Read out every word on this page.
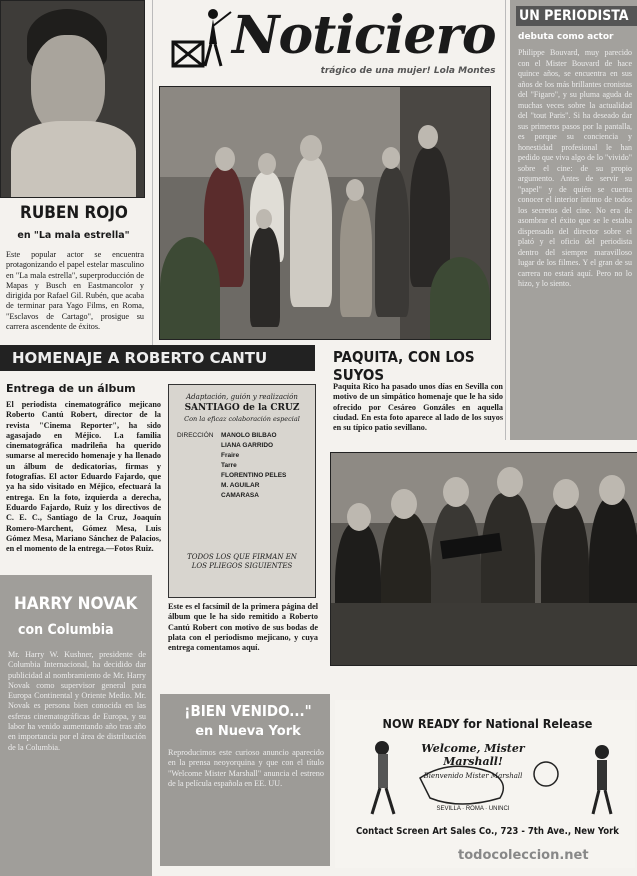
RUBEN ROJO
en "La mala estrella"
Este popular actor se encuentra protagonizando el papel estelar masculino en "La mala estrella", superproducción de Mapas y Busch en Eastmancolor y dirigida por Rafael Gil. Rubén, que acaba de terminar para Yago Films, en Roma, "Esclavos de Cartago", prosigue su carrera ascendente de éxitos.
Noticiero
trágico de una mujer! Lola Montes
UN PERIODISTA
debuta como actor
Philippe Bouvard, muy parecido con el Mister Bouvard de hace quince años, se encuentra en sus años de los más brillantes cronistas del "Figaro", y su pluma aguda de muchas veces sobre la actualidad del "tout Paris". Si ha deseado dar sus primeros pasos por la pantalla, es porque su conciencia y honestidad profesional le han pedido que viva algo de lo "vivido" sobre el cine: de su propio argumento. Antes de servir su "papel" y de quién se cuenta conocer el interior íntimo de todos los secretos del cine. No era de asombrar el éxito que se le estaba dispensado del director sobre el plató y el oficio del periodista dentro del siempre maravilloso lugar de los filmes. Y el gran de su carrera no estará aquí. Pero no lo hizo, y lo siento.
HOMENAJE A ROBERTO CANTU	PAQUITA, CON LOS SUYOS
Paquita Rico ha pasado unos días en Sevilla con motivo de un simpático homenaje que le ha sido ofrecido por Cesáreo Gonzáles en aquella ciudad. En esta foto aparece al lado de los suyos en su típico patio sevillano.
Entrega de un álbum
El periodista cinematográfico mejicano Roberto Cantú Robert, director de la revista "Cinema Reporter", ha sido agasajado en Méjico. La familia cinematográfica madrileña ha querido sumarse al merecido homenaje y ha llenado un álbum de dedicatorias, firmas y fotografías. El actor Eduardo Fajardo, que ya ha sido visitado en Méjico, efectuará la entrega. En la foto, izquierda a derecha, Eduardo Fajardo, Ruiz y los directivos de C. E. C., Santiago de la Cruz, Joaquín Romero-Marchent, Gómez Mesa, Luis Gómez Mesa, Mariano Sánchez de Palacios, en el momento de la entrega.—Fotos Ruiz.
Adaptación, guión y realización
SANTIAGO de la CRUZ
Con la eficaz colaboración especial
DIRECCIÓN MANOLO BILBAO
LIANA GARRIDO
Fraire
Tarre
FLORENTINO PELES
M. AGUILAR
CAMARASA
TODOS LOS QUE FIRMAN EN LOS PLIEGOS SIGUIENTES
Este es el facsímil de la primera página del álbum que le ha sido remitido a Roberto Cantú Robert con motivo de sus bodas de plata con el periodismo mejicano, y cuya entrega comentamos aquí.
HARRY NOVAK
con Columbia
Mr. Harry W. Kushner, presidente de Columbia Internacional, ha decidido dar publicidad al nombramiento de Mr. Harry Novak como supervisor general para Europa Continental y Oriente Medio. Mr. Novak es persona bien conocida en las esferas cinematográficas de Europa, y su labor ha venido aumentando año tras año en importancia por el área de distribución de la Columbia.
¡BIEN VENIDO..."
en Nueva York
Reproducimos este curioso anuncio aparecido en la prensa neoyorquina y que con el título "Welcome Mister Marshall" anuncia el estreno de la película española en EE. UU.
NOW READY for National Release
Welcome, Mister Marshall!
Bienvenido Mister Marshall
SEVILLA · ROMA · UNINCI
Contact Screen Art Sales Co., 723 - 7th Ave., New York
todocoleccion.net
